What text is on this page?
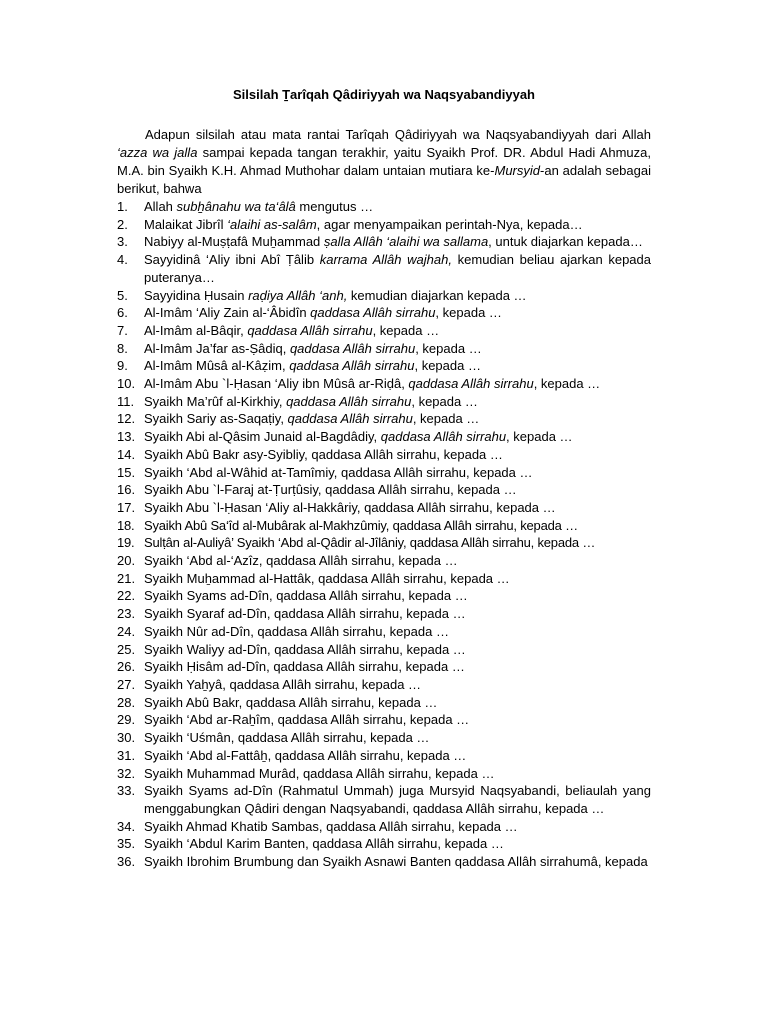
Silsilah Ṯarîqah Qâdiriyyah wa Naqsyabandiyyah

Adapun silsilah atau mata rantai Tarîqah Qâdiriyyah wa Naqsyabandiyyah dari Allah ‘azza wa jalla sampai kepada tangan terakhir, yaitu Syaikh Prof. DR. Abdul Hadi Ahmuza, M.A. bin Syaikh K.H. Ahmad Muthohar dalam untaian mutiara ke-Mursyid-an adalah sebagai berikut, bahwa

1.	Allah subẖânahu wa ta‘âlâ mengutus …
2.	Malaikat Jibrîl ‘alaihi as-salâm, agar menyampaikan perintah-Nya, kepada…
3.	Nabiyy al-Muṣṭafâ Muẖammad ṣalla Allâh ‘alaihi wa sallama, untuk diajarkan kepada…
4.	Sayyidinâ ‘Aliy ibni Abî Ṭâlib karrama Allâh wajhah, kemudian beliau ajarkan kepada puteranya…
5.	Sayyidina Ḥusain raḍiya Allâh ‘anh, kemudian diajarkan kepada …
6.	Al-Imâm ‘Aliy Zain al-‘Âbidîn qaddasa Allâh sirrahu, kepada …
7.	Al-Imâm al-Bâqir, qaddasa Allâh sirrahu, kepada …
8.	Al-Imâm Ja’far as-Ṣâdiq, qaddasa Allâh sirrahu, kepada …
9.	Al-Imâm Mûsâ al-Kâẓim, qaddasa Allâh sirrahu, kepada …
10. Al-Imâm Abu `l-Ḥasan ‘Aliy ibn Mûsâ ar-Riḍâ, qaddasa Allâh sirrahu, kepada …
11. Syaikh Ma’rûf al-Kirkhiy, qaddasa Allâh sirrahu, kepada …
12. Syaikh Sariy as-Saqaṭiy, qaddasa Allâh sirrahu, kepada …
13. Syaikh Abi al-Qâsim Junaid al-Bagdâdiy, qaddasa Allâh sirrahu, kepada …
14. Syaikh Abû Bakr asy-Syibliy, qaddasa Allâh sirrahu, kepada …
15. Syaikh ‘Abd al-Wâhid at-Tamîmiy, qaddasa Allâh sirrahu, kepada …
16. Syaikh Abu `l-Faraj at-Ṭurṭûsiy, qaddasa Allâh sirrahu, kepada …
17. Syaikh Abu `l-Ḥasan ‘Aliy al-Hakkâriy, qaddasa Allâh sirrahu, kepada …
18. Syaikh Abû Sa‘îd al-Mubârak al-Makhzûmiy, qaddasa Allâh sirrahu, kepada …
19. Sulṭân al-Auliyâ’ Syaikh ‘Abd al-Qâdir al-Jîlâniy, qaddasa Allâh sirrahu, kepada …
20. Syaikh ‘Abd al-‘Azîz, qaddasa Allâh sirrahu, kepada …
21. Syaikh Muẖammad al-Hattâk, qaddasa Allâh sirrahu, kepada …
22. Syaikh Syams ad-Dîn, qaddasa Allâh sirrahu, kepada …
23. Syaikh Syaraf ad-Dîn, qaddasa Allâh sirrahu, kepada …
24. Syaikh Nûr ad-Dîn, qaddasa Allâh sirrahu, kepada …
25. Syaikh Waliyy ad-Dîn, qaddasa Allâh sirrahu, kepada …
26. Syaikh Ḥisâm ad-Dîn, qaddasa Allâh sirrahu, kepada …
27. Syaikh Yaẖyâ, qaddasa Allâh sirrahu, kepada …
28. Syaikh Abû Bakr, qaddasa Allâh sirrahu, kepada …
29. Syaikh ‘Abd ar-Raẖîm, qaddasa Allâh sirrahu, kepada …
30. Syaikh ‘Uśmân, qaddasa Allâh sirrahu, kepada …
31. Syaikh ‘Abd al-Fattâẖ, qaddasa Allâh sirrahu, kepada …
32. Syaikh Muhammad Murâd, qaddasa Allâh sirrahu, kepada …
33. Syaikh Syams ad-Dîn (Rahmatul Ummah) juga Mursyid Naqsyabandi, beliaulah yang menggabungkan Qâdiri dengan Naqsyabandi, qaddasa Allâh sirrahu, kepada …
34. Syaikh Ahmad Khatib Sambas, qaddasa Allâh sirrahu, kepada …
35. Syaikh ‘Abdul Karim Banten, qaddasa Allâh sirrahu, kepada …
36. Syaikh Ibrohim Brumbung dan Syaikh Asnawi Banten qaddasa Allâh sirrahumâ, kepada
